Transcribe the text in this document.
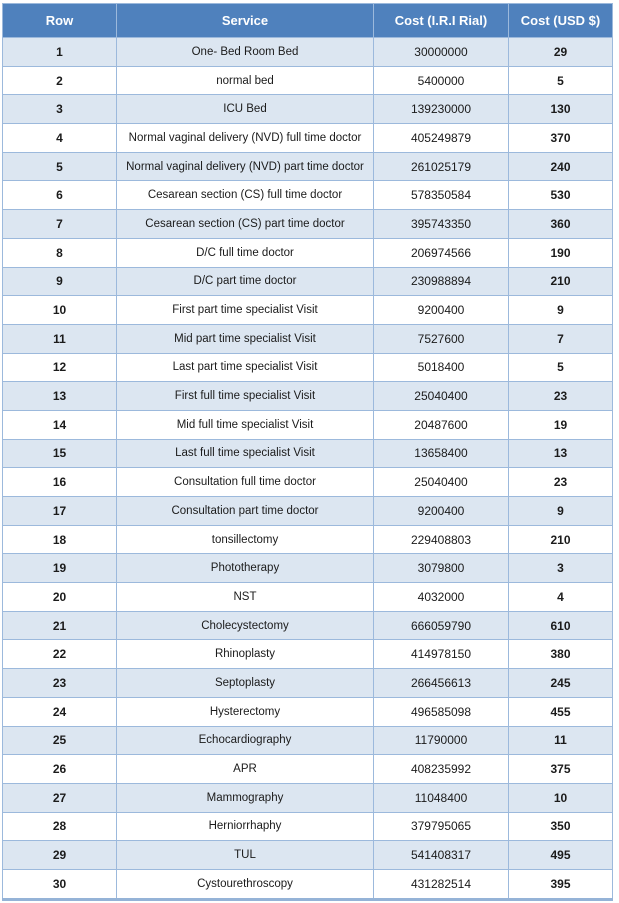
Row	Service	Cost (I.R.I Rial)	Cost (USD $)
1	One- Bed Room Bed	30000000	29
2	normal bed	5400000	5
3	ICU Bed	139230000	130
4	Normal vaginal delivery (NVD) full time doctor	405249879	370
5	Normal vaginal delivery (NVD) part time doctor	261025179	240
6	Cesarean section (CS) full time doctor	578350584	530
7	Cesarean section (CS) part time doctor	395743350	360
8	D/C full time doctor	206974566	190
9	D/C part time doctor	230988894	210
10	First part time specialist Visit	9200400	9
11	Mid part time specialist Visit	7527600	7
12	Last part time specialist Visit	5018400	5
13	First full time specialist Visit	25040400	23
14	Mid full time specialist Visit	20487600	19
15	Last full time specialist Visit	13658400	13
16	Consultation full time doctor	25040400	23
17	Consultation part time doctor	9200400	9
18	tonsillectomy	229408803	210
19	Phototherapy	3079800	3
20	NST	4032000	4
21	Cholecystectomy	666059790	610
22	Rhinoplasty	414978150	380
23	Septoplasty	266456613	245
24	Hysterectomy	496585098	455
25	Echocardiography	11790000	11
26	APR	408235992	375
27	Mammography	11048400	10
28	Herniorrhaphy	379795065	350
29	TUL	541408317	495
30	Cystourethroscopy	431282514	395
